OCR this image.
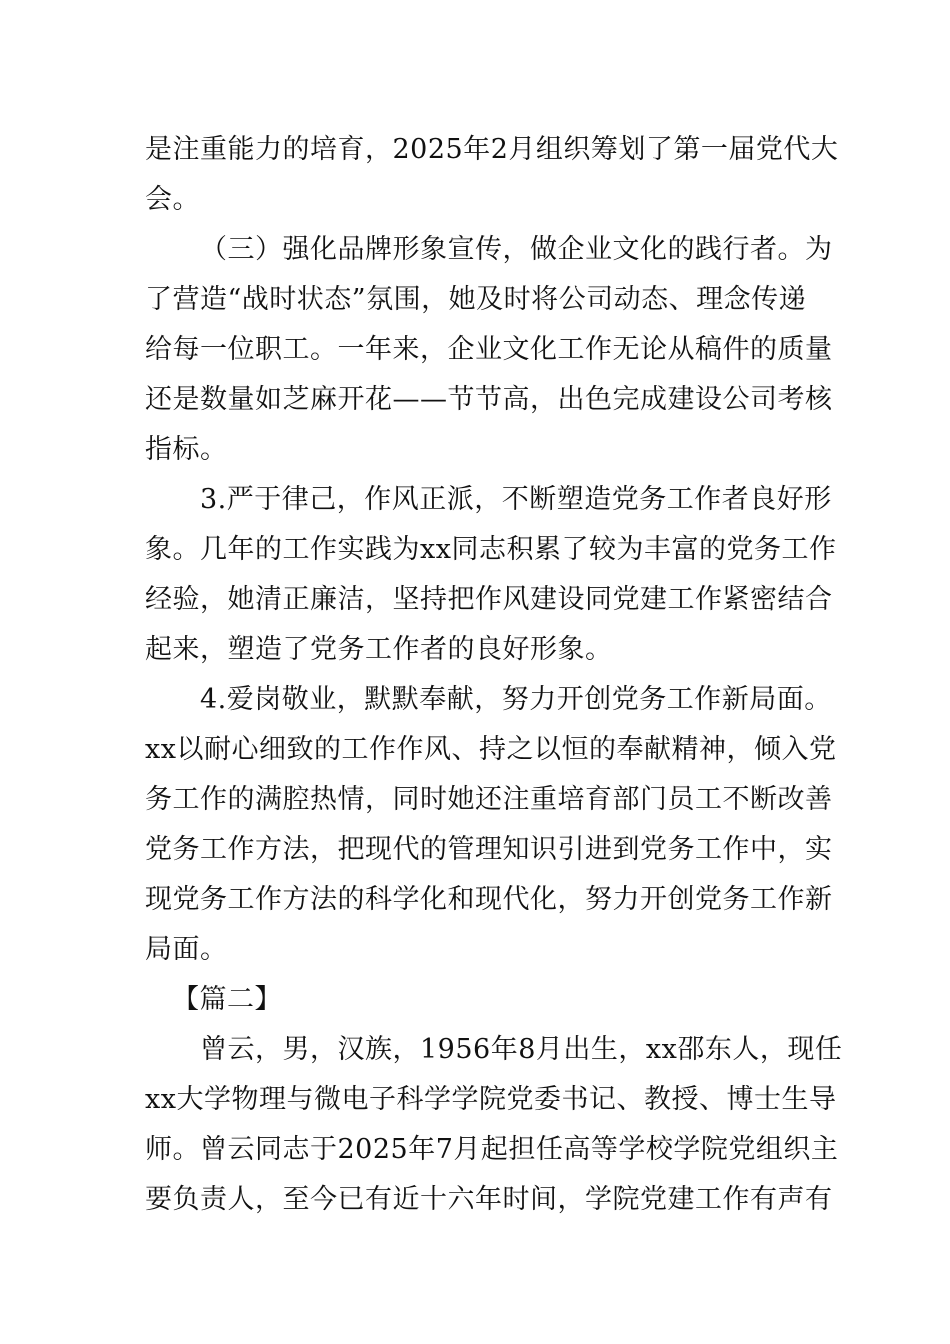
是注重能力的培育，2025年2月组织筹划了第一届党代大
会。
（三）强化品牌形象宣传，做企业文化的践行者。为
了营造“战时状态”氛围，她及时将公司动态、理念传递
给每一位职工。一年来，企业文化工作无论从稿件的质量
还是数量如芝麻开花——节节高，出色完成建设公司考核
指标。
3.严于律己，作风正派，不断塑造党务工作者良好形
象。几年的工作实践为xx同志积累了较为丰富的党务工作
经验，她清正廉洁，坚持把作风建设同党建工作紧密结合
起来，塑造了党务工作者的良好形象。
4.爱岗敬业，默默奉献，努力开创党务工作新局面。
xx以耐心细致的工作作风、持之以恒的奉献精神，倾入党
务工作的满腔热情，同时她还注重培育部门员工不断改善
党务工作方法，把现代的管理知识引进到党务工作中，实
现党务工作方法的科学化和现代化，努力开创党务工作新
局面。
【篇二】
曾云，男，汉族，1956年8月出生，xx邵东人，现任
xx大学物理与微电子科学学院党委书记、教授、博士生导
师。曾云同志于2025年7月起担任高等学校学院党组织主
要负责人，至今已有近十六年时间，学院党建工作有声有
